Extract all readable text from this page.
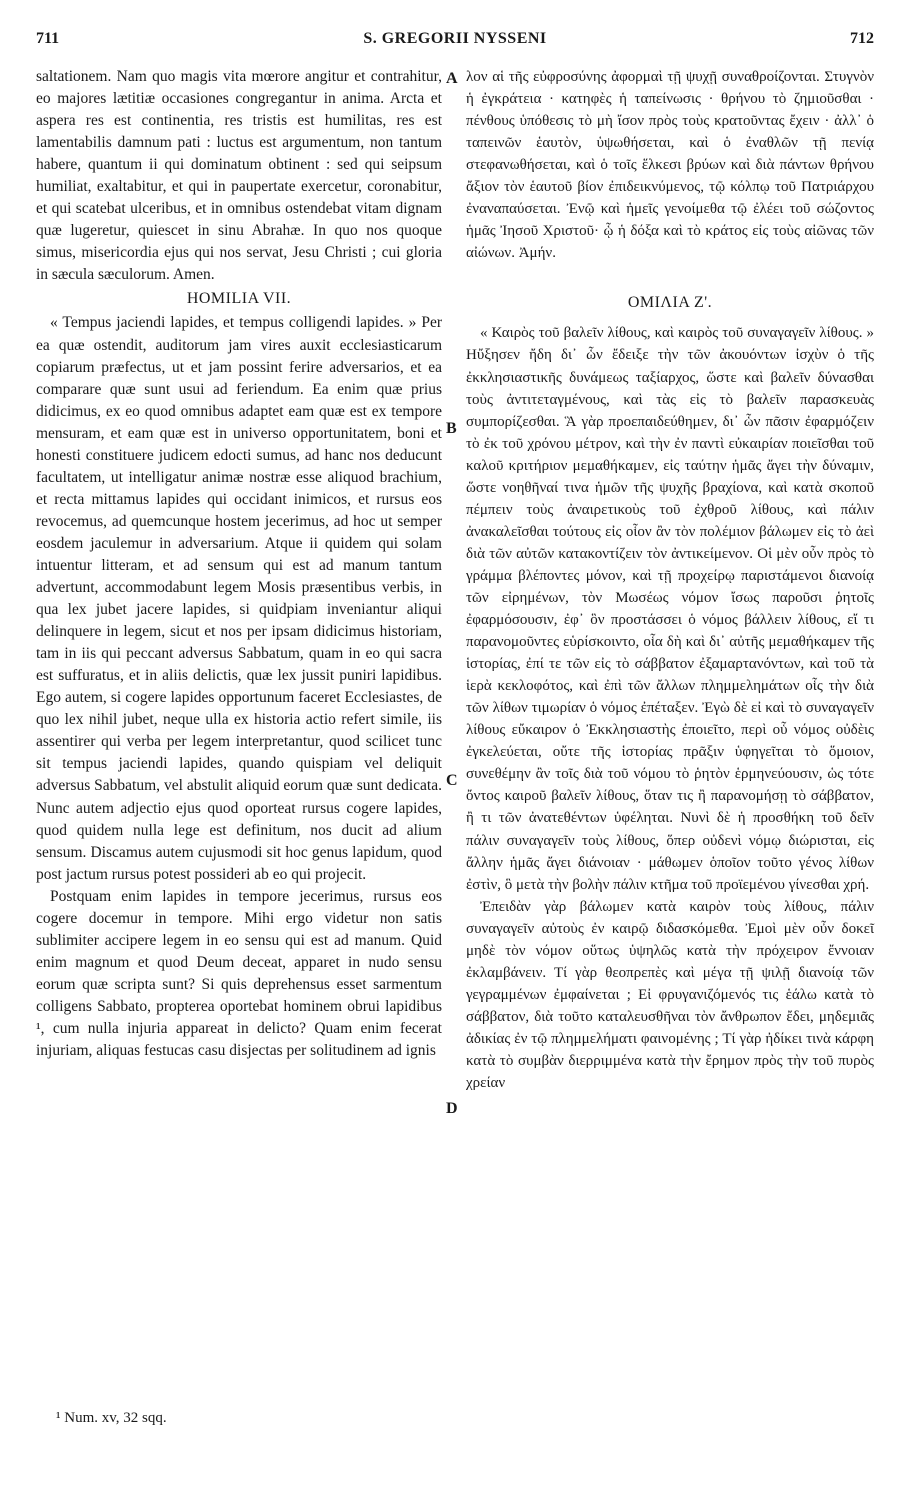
711	S. GREGORII NYSSENI	712

saltationem. Nam quo magis vita mœrore angitur et contrahitur, eo majores lætitiæ occasiones congregantur in anima. Arcta et aspera res est continentia, res tristis est humilitas, res est lamentabilis damnum pati : luctus est argumentum, non tantum habere, quantum ii qui dominatum obtinent : sed qui seipsum humiliat, exaltabitur, et qui in paupertate exercetur, coronabitur, et qui scatebat ulceribus, et in omnibus ostendebat vitam dignam quæ lugeretur, quiescet in sinu Abrahæ. In quo nos quoque simus, misericordia ejus qui nos servat, Jesu Christi ; cui gloria in sæcula sæculorum. Amen.

HOMILIA VII.

« Tempus jaciendi lapides, et tempus colligendi lapides. » Per ea quæ ostendit, auditorum jam vires auxit ecclesiasticarum copiarum præfectus, ut et jam possint ferire adversarios, et ea comparare quæ sunt usui ad feriendum. Ea enim quæ prius didicimus, ex eo quod omnibus adaptet eam quæ est ex tempore mensuram, et eam quæ est in universo opportunitatem, boni et honesti constituere judicem edocti sumus, ad hanc nos deducunt facultatem, ut intelligatur animæ nostræ esse aliquod brachium, et recta mittamus lapides qui occidant inimicos, et rursus eos revocemus, ad quemcunque hostem jecerimus, ad hoc ut semper eosdem jaculemur in adversarium. Atque ii quidem qui solam intuentur litteram, et ad sensum qui est ad manum tantum advertunt, accommodabunt legem Mosis præsentibus verbis, in qua lex jubet jacere lapides, si quidpiam inveniantur aliqui delinquere in legem, sicut et nos per ipsam didicimus historiam, tam in iis qui peccant adversus Sabbatum, quam in eo qui sacra est suffuratus, et in aliis delictis, quæ lex jussit puniri lapidibus. Ego autem, si cogere lapides opportunum faceret Ecclesiastes, de quo lex nihil jubet, neque ulla ex historia actio refert simile, iis assentirer qui verba per legem interpretantur, quod scilicet tunc sit tempus jaciendi lapides, quando quispiam vel deliquit adversus Sabbatum, vel abstulit aliquid eorum quæ sunt dedicata. Nunc autem adjectio ejus quod oporteat rursus cogere lapides, quod quidem nulla lege est definitum, nos ducit ad alium sensum. Discamus autem cujusmodi sit hoc genus lapidum, quod post jactum rursus potest possideri ab eo qui projecit.

Postquam enim lapides in tempore jecerimus, rursus eos cogere docemur in tempore. Mihi ergo videtur non satis sublimiter accipere legem in eo sensu qui est ad manum. Quid enim magnum et quod Deum deceat, apparet in nudo sensu eorum quæ scripta sunt? Si quis deprehensus esset sarmentum colligens Sabbato, propterea oportebat hominem obrui lapidibus ¹, cum nulla injuria appareat in delicto? Quam enim fecerat injuriam, aliquas festucas casu disjectas per solitudinem ad ignis

λον αἱ τῆς εὐφροσύνης ἀφορμαὶ τῇ ψυχῇ συναθροίζονται. Στυγνὸν ἡ ἐγκράτεια · κατηφὲς ἡ ταπείνωσις · θρήνου τὸ ζημιοῦσθαι · πένθους ὑπόθεσις τὸ μὴ ἴσον πρὸς τοὺς κρατοῦντας ἔχειν · ἀλλ᾽ ὁ ταπεινῶν ἑαυτὸν, ὑψωθήσεται, καὶ ὁ ἐναθλῶν τῇ πενίᾳ στεφανωθήσεται, καὶ ὁ τοῖς ἕλκεσι βρύων καὶ διὰ πάντων θρήνου ἄξιον τὸν ἑαυτοῦ βίον ἐπιδεικνύμενος, τῷ κόλπῳ τοῦ Πατριάρχου ἐναναπαύσεται. Ἐνῷ καὶ ἡμεῖς γενοίμεθα τῷ ἐλέει τοῦ σώζοντος ἡμᾶς Ἰησοῦ Χριστοῦ· ᾧ ἡ δόξα καὶ τὸ κράτος εἰς τοὺς αἰῶνας τῶν αἰώνων. Ἀμήν.

ΟΜΙΛΙΑ Ζ'.

« Καιρὸς τοῦ βαλεῖν λίθους, καὶ καιρὸς τοῦ συναγαγεῖν λίθους. » Ηὔξησεν ἤδη δι᾽ ὧν ἔδειξε τὴν τῶν ἀκουόντων ἰσχὺν ὁ τῆς ἐκκλησιαστικῆς δυνάμεως ταξίαρχος, ὥστε καὶ βαλεῖν δύνασθαι τοὺς ἀντιτεταγμένους, καὶ τὰς εἰς τὸ βαλεῖν παρασκευὰς συμπορίζεσθαι. Ἃ γὰρ προεπαιδεύθημεν, δι᾽ ὧν πᾶσιν ἐφαρμόζειν τὸ ἐκ τοῦ χρόνου μέτρον, καὶ τὴν ἐν παντὶ εὐκαιρίαν ποιεῖσθαι τοῦ καλοῦ κριτήριον μεμαθήκαμεν, εἰς ταύτην ἡμᾶς ἄγει τὴν δύναμιν, ὥστε νοηθῆναί τινα ἡμῶν τῆς ψυχῆς βραχίονα, καὶ κατὰ σκοποῦ πέμπειν τοὺς ἀναιρετικοὺς τοῦ ἐχθροῦ λίθους, καὶ πάλιν ἀνακαλεῖσθαι τούτους εἰς οἷον ἂν τὸν πολέμιον βάλωμεν εἰς τὸ ἀεὶ διὰ τῶν αὐτῶν κατακοντίζειν τὸν ἀντικείμενον. Οἱ μὲν οὖν πρὸς τὸ γράμμα βλέποντες μόνον, καὶ τῇ προχείρῳ παριστάμενοι διανοίᾳ τῶν εἰρημένων, τὸν Μωσέως νόμον ἴσως παροῦσι ῥητοῖς ἐφαρμόσουσιν, ἐφ᾽ ὃν προστάσσει ὁ νόμος βάλλειν λίθους, εἴ τι παρανομοῦντες εὑρίσκοιντο, οἷα δὴ καὶ δι᾽ αὐτῆς μεμαθήκαμεν τῆς ἱστορίας, ἐπί τε τῶν εἰς τὸ σάββατον ἐξαμαρτανόντων, καὶ τοῦ τὰ ἱερὰ κεκλοφότος, καὶ ἐπὶ τῶν ἄλλων πλημμελημάτων οἷς τὴν διὰ τῶν λίθων τιμωρίαν ὁ νόμος ἐπέταξεν. Ἐγὼ δὲ εἰ καὶ τὸ συναγαγεῖν λίθους εὔκαιρον ὁ Ἐκκλησιαστὴς ἐποιεῖτο, περὶ οὗ νόμος οὐδὲις ἐγκελεύεται, οὔτε τῆς ἱστορίας πρᾶξιν ὑφηγεῖται τὸ ὅμοιον, συνεθέμην ἂν τοῖς διὰ τοῦ νόμου τὸ ῥητὸν ἑρμηνεύουσιν, ὡς τότε ὄντος καιροῦ βαλεῖν λίθους, ὅταν τις ἢ παρανομήσῃ τὸ σάββατον, ἢ τι τῶν ἀνατεθέντων ὑφέληται. Νυνὶ δὲ ἡ προσθήκη τοῦ δεῖν πάλιν συναγαγεῖν τοὺς λίθους, ὅπερ οὐδενὶ νόμῳ διώρισται, εἰς ἄλλην ἡμᾶς ἄγει διάνοιαν · μάθωμεν ὁποῖον τοῦτο γένος λίθων ἐστὶν, ὃ μετὰ τὴν βολὴν πάλιν κτῆμα τοῦ προϊεμένου γίνεσθαι χρή.

Ἐπειδὰν γὰρ βάλωμεν κατὰ καιρὸν τοὺς λίθους, πάλιν συναγαγεῖν αὐτοὺς ἐν καιρῷ διδασκόμεθα. Ἐμοὶ μὲν οὖν δοκεῖ μηδὲ τὸν νόμον οὕτως ὑψηλῶς κατὰ τὴν πρόχειρον ἔννοιαν ἐκλαμβάνειν. Τί γὰρ θεοπρεπὲς καὶ μέγα τῇ ψιλῇ διανοίᾳ τῶν γεγραμμένων ἐμφαίνεται ; Εἰ φρυγανιζόμενός τις ἑάλω κατὰ τὸ σάββατον, διὰ τοῦτο καταλευσθῆναι τὸν ἄνθρωπον ἔδει, μηδεμιᾶς ἀδικίας ἐν τῷ πλημμελήματι φαινομένης ; Τί γὰρ ἠδίκει τινὰ κάρφη κατὰ τὸ συμβὰν διερριμμένα κατὰ τὴν ἔρημον πρὸς τὴν τοῦ πυρὸς χρείαν

A
B
C
D
¹ Num. xv, 32 sqq.
